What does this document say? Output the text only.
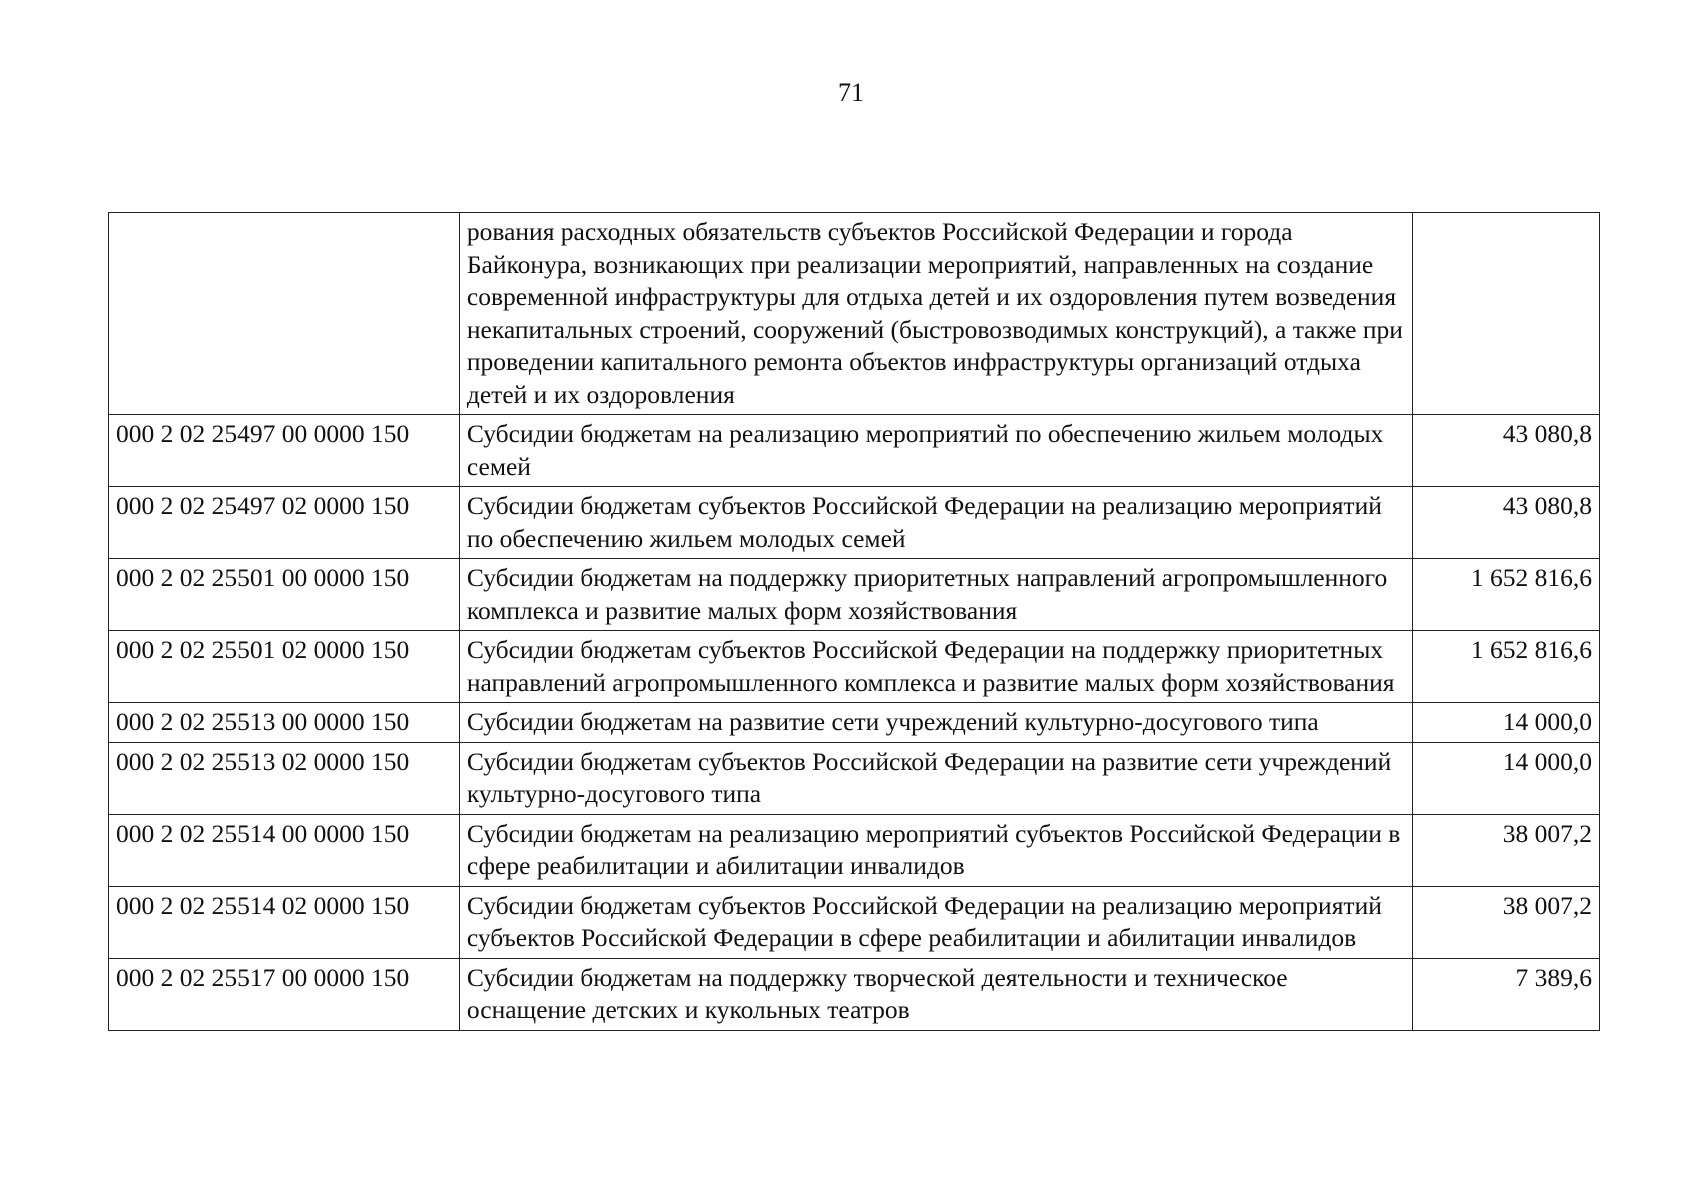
71
	рования расходных обязательств субъектов Российской Федерации и города Байконура, возникающих при реализации мероприятий, направленных на создание современной инфраструктуры для отдыха детей и их оздоровления путем возведения некапитальных строений, сооружений (быстровозводимых конструкций), а также при проведении капитального ремонта объектов инфраструктуры организаций отдыха детей и их оздоровления	
000 2 02 25497 00 0000 150	Субсидии бюджетам на реализацию мероприятий по обеспечению жильем молодых семей	43 080,8
000 2 02 25497 02 0000 150	Субсидии бюджетам субъектов Российской Федерации на реализацию мероприятий по обеспечению жильем молодых семей	43 080,8
000 2 02 25501 00 0000 150	Субсидии бюджетам на поддержку приоритетных направлений агропромышленного комплекса и развитие малых форм хозяйствования	1 652 816,6
000 2 02 25501 02 0000 150	Субсидии бюджетам субъектов Российской Федерации на поддержку приоритетных направлений агропромышленного комплекса и развитие малых форм хозяйствования	1 652 816,6
000 2 02 25513 00 0000 150	Субсидии бюджетам на развитие сети учреждений культурно-досугового типа	14 000,0
000 2 02 25513 02 0000 150	Субсидии бюджетам субъектов Российской Федерации на развитие сети учреждений культурно-досугового типа	14 000,0
000 2 02 25514 00 0000 150	Субсидии бюджетам на реализацию мероприятий субъектов Российской Федерации в сфере реабилитации и абилитации инвалидов	38 007,2
000 2 02 25514 02 0000 150	Субсидии бюджетам субъектов Российской Федерации на реализацию мероприятий субъектов Российской Федерации в сфере реабилитации и абилитации инвалидов	38 007,2
000 2 02 25517 00 0000 150	Субсидии бюджетам на поддержку творческой деятельности и техническое оснащение детских и кукольных театров	7 389,6
